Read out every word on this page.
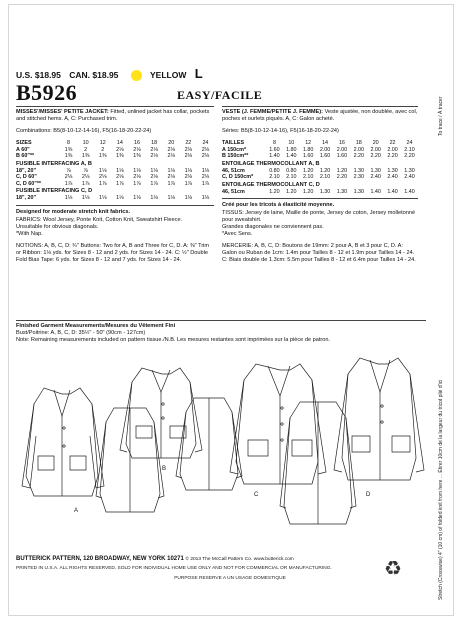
U.S. $18.95 CAN. $18.95	YELLOW L
B5926	EASY/FACILE

MISSES'/MISSES' PETITE JACKET: Fitted, unlined jacket has collar, pockets and stitched hems. A, C: Purchased trim.

Combinations: B5(8-10-12-14-16), F5(16-18-20-22-24)

SIZES	8	10	12	14	16	18	20	22	24
A 60"	1⅜	2	2	2⅛	2⅛	2⅛	2⅛	2⅛	2⅛
B 60"**	1⅜	1⅜	1⅜	1⅜	1⅜	2⅛	2⅛	2⅛	2⅛
FUSIBLE INTERFACING A, B
18", 20"	⅞	⅞	1⅛	1⅛	1⅛	1⅛	1⅛	1⅛	1⅛
C, D 60"	2⅛	2⅛	2⅛	2⅛	2⅛	2⅛	2⅛	2⅛	2⅛
C, D 60"**	1⅞	1⅞	1⅞	1⅞	1⅞	1⅞	1⅞	1⅞	1⅞
FUSIBLE INTERFACING C, D
18", 20"	1⅛	1⅛	1⅛	1⅛	1⅛	1⅛	1⅛	1⅛	1⅛

Designed for moderate stretch knit fabrics.

FABRICS: Wool Jersey, Ponte Knit, Cotton Knit, Sweatshirt Fleece.

Unsuitable for obvious diagonals.

*With Nap.

NOTIONS: A, B, C, D: ¾" Buttons: Two for A, B and Three for C, D. A: ⅜" Trim or Ribbon: 1⅛ yds. for Sizes 8 - 12 and 2 yds. for Sizes 14 - 24. C: ½" Double Fold Bias Tape: 6 yds. for Sizes 8 - 12 and 7 yds. for Sizes 14 - 24.

VESTE (J. FEMME/PETITE J. FEMME): Veste ajustée, non doublée, avec col, poches et ourlets piqués. A, C: Galon acheté.

Séries: B5(8-10-12-14-16), F5(16-18-20-22-24)

TAILLES	8	10	12	14	16	18	20	22	24
A 150cm*	1.60	1.80	1.80	2.00	2.00	2.00	2.00	2.00	2.10
B 150cm**	1.40	1.40	1.60	1.60	1.60	2.20	2.20	2.20	2.20
ENTOILAGE THERMOCOLLANT A, B
46, 51cm	0.80	0.80	1.20	1.20	1.20	1.30	1.30	1.30	1.30
C, D 150cm*	2.10	2.10	2.10	2.10	2.20	2.30	2.40	2.40	2.40
ENTOILAGE THERMOCOLLANT C, D
46, 51cm	1.20	1.20	1.20	1.30	1.30	1.30	1.40	1.40	1.40

Créé pour les tricots à élasticité moyenne.

TISSUS: Jersey de laine, Maille de ponte, Jersey de coton, Jersey molletonné pour sweatshirt.

Grandes diagonales ne conviennent pas.

*Avec Sens.

MERCERIE: A, B, C, D: Boutons de 19mm: 2 pour A, B et 3 pour C, D. A: Galon ou Ruban de 1cm: 1.4m pour Tailles 8 - 12 et 1.9m pour Tailles 14 - 24. C: Biais double de 1.3cm: 5.5m pour Tailles 8 - 12 et 6.4m pour Tailles 14 - 24.

Finished Garment Measurements/Mesures du Vêtement Fini

Bust/Poitrine: A, B, C, D: 35½" - 50" (90cm - 127cm)

Note: Remaining measurements included on pattern tissue./N.B. Les mesures restantes sont imprimées sur la pièce de patron.

A
B
C	D
BUTTERICK PATTERN, 120 BROADWAY, NEW YORK 10271 © 2013 The McCall Pattern Co. www.butterick.com
PRINTED IN U.S.A. ALL RIGHTS RESERVED. SOLD FOR INDIVIDUAL HOME USE ONLY AND NOT FOR COMMERCIAL OR MANUFACTURING.
PURPOSE RESERVE A UN USAGE DOMESTIQUE	♻
To trace / À tracer
Stretch (Crosswise) 4" (10 cm) of folded knit from here ... Étirer 10cm de la largeur du tricot plié d'ici
